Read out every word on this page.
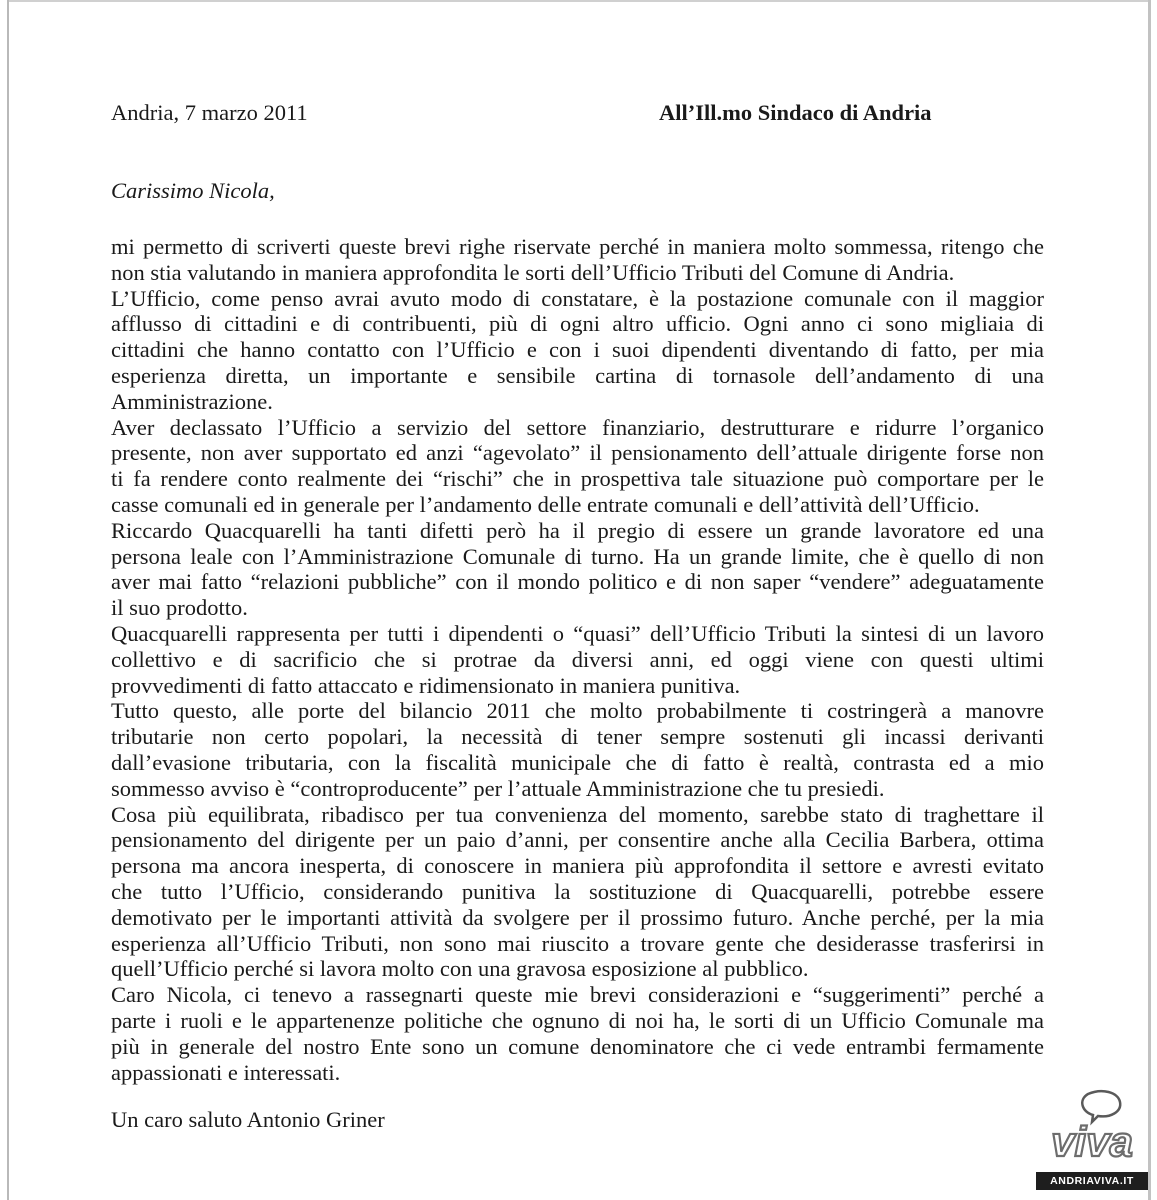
Andria, 7 marzo 2011	All’Ill.mo Sindaco di Andria
Carissimo Nicola,
mi permetto di scriverti queste brevi righe riservate perché in maniera molto sommessa, ritengo che
non stia valutando in maniera approfondita le sorti dell’Ufficio Tributi del Comune di Andria.
L’Ufficio, come penso avrai avuto modo di constatare, è la postazione comunale con il maggior
afflusso di cittadini e di contribuenti, più di ogni altro ufficio. Ogni anno ci sono migliaia di
cittadini che hanno contatto con l’Ufficio e con i suoi dipendenti diventando di fatto, per mia
esperienza diretta, un importante e sensibile cartina di tornasole dell’andamento di una
Amministrazione.
Aver declassato l’Ufficio a servizio del settore finanziario, destrutturare e ridurre l’organico
presente, non aver supportato ed anzi “agevolato” il pensionamento dell’attuale dirigente forse non
ti fa rendere conto realmente dei “rischi” che in prospettiva tale situazione può comportare per le
casse comunali ed in generale per l’andamento delle entrate comunali e dell’attività dell’Ufficio.
Riccardo Quacquarelli ha tanti difetti però ha il pregio di essere un grande lavoratore ed una
persona leale con l’Amministrazione Comunale di turno. Ha un grande limite, che è quello di non
aver mai fatto “relazioni pubbliche” con il mondo politico e di non saper “vendere” adeguatamente
il suo prodotto.
Quacquarelli rappresenta per tutti i dipendenti o “quasi” dell’Ufficio Tributi la sintesi di un lavoro
collettivo e di sacrificio che si protrae da diversi anni, ed oggi viene con questi ultimi
provvedimenti di fatto attaccato e ridimensionato in maniera punitiva.
Tutto questo, alle porte del bilancio 2011 che molto probabilmente ti costringerà a manovre
tributarie non certo popolari, la necessità di tener sempre sostenuti gli incassi derivanti
dall’evasione tributaria, con la fiscalità municipale che di fatto è realtà, contrasta ed a mio
sommesso avviso è “controproducente” per l’attuale Amministrazione che tu presiedi.
Cosa più equilibrata, ribadisco per tua convenienza del momento, sarebbe stato di traghettare il
pensionamento del dirigente per un paio d’anni, per consentire anche alla Cecilia Barbera, ottima
persona ma ancora inesperta, di conoscere in maniera più approfondita il settore e avresti evitato
che tutto l’Ufficio, considerando punitiva la sostituzione di Quacquarelli, potrebbe essere
demotivato per le importanti attività da svolgere per il prossimo futuro. Anche perché, per la mia
esperienza all’Ufficio Tributi, non sono mai riuscito a trovare gente che desiderasse trasferirsi in
quell’Ufficio perché si lavora molto con una gravosa esposizione al pubblico.
Caro Nicola, ci tenevo a rassegnarti queste mie brevi considerazioni e “suggerimenti” perché a
parte i ruoli e le appartenenze politiche che ognuno di noi ha, le sorti di un Ufficio Comunale ma
più in generale del nostro Ente sono un comune denominatore che ci vede entrambi fermamente
appassionati e interessati.
Un caro saluto Antonio Griner	viva
ANDRIAVIVA.IT
